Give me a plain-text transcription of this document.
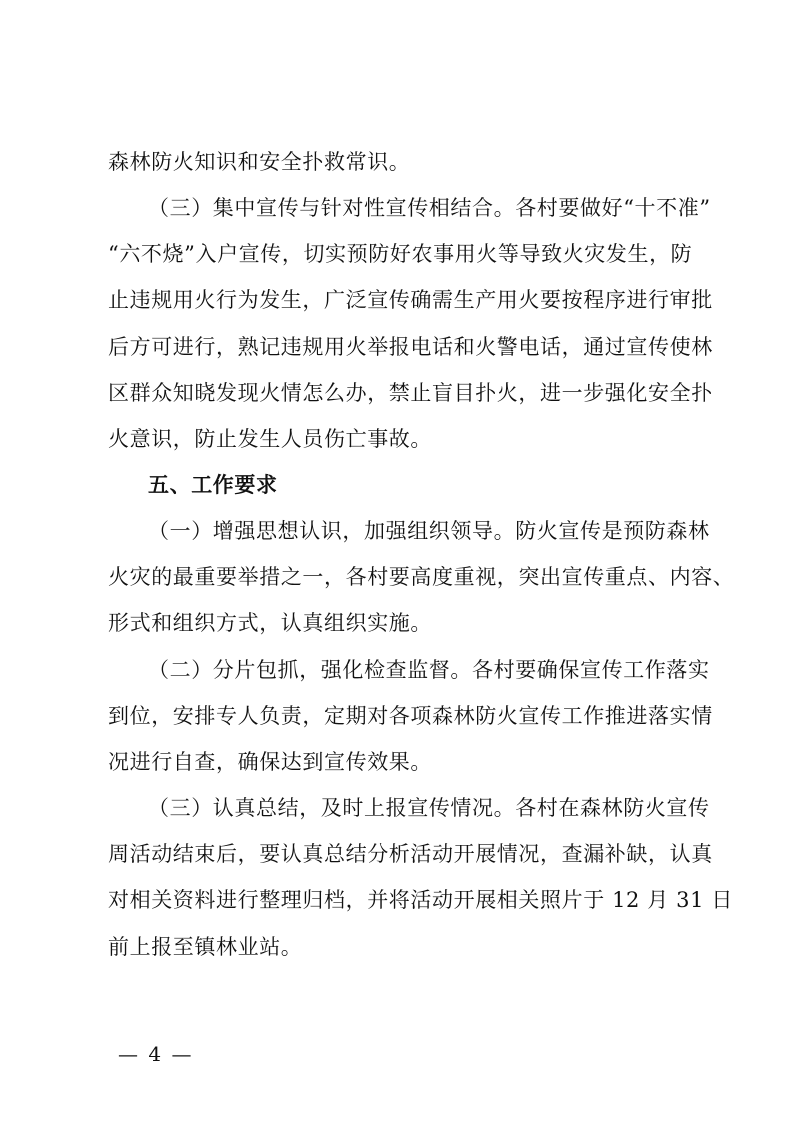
森林防火知识和安全扑救常识。
（三）集中宣传与针对性宣传相结合。各村要做好“十不准”
“六不烧”入户宣传，切实预防好农事用火等导致火灾发生，防
止违规用火行为发生，广泛宣传确需生产用火要按程序进行审批
后方可进行，熟记违规用火举报电话和火警电话，通过宣传使林
区群众知晓发现火情怎么办，禁止盲目扑火，进一步强化安全扑
火意识，防止发生人员伤亡事故。
五、工作要求
（一）增强思想认识，加强组织领导。防火宣传是预防森林
火灾的最重要举措之一，各村要高度重视，突出宣传重点、内容、
形式和组织方式，认真组织实施。
（二）分片包抓，强化检查监督。各村要确保宣传工作落实
到位，安排专人负责，定期对各项森林防火宣传工作推进落实情
况进行自查，确保达到宣传效果。
（三）认真总结，及时上报宣传情况。各村在森林防火宣传
周活动结束后，要认真总结分析活动开展情况，查漏补缺，认真
对相关资料进行整理归档，并将活动开展相关照片于 12 月 31 日
前上报至镇林业站。
— 4 —
